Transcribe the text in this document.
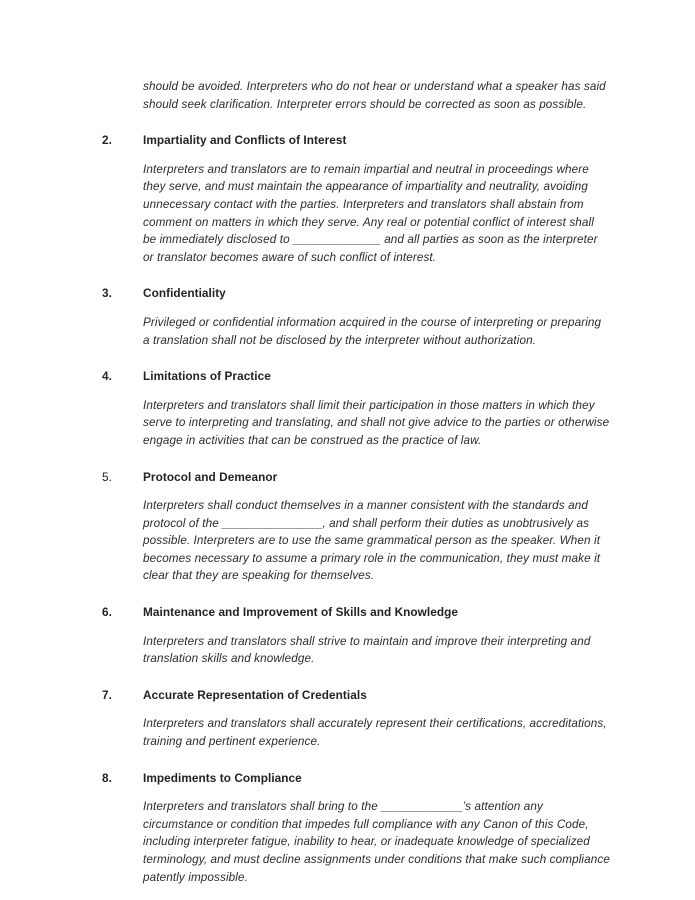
should be avoided. Interpreters who do not hear or understand what a speaker has said should seek clarification. Interpreter errors should be corrected as soon as possible.

2.	Impartiality and Conflicts of Interest

Interpreters and translators are to remain impartial and neutral in proceedings where they serve, and must maintain the appearance of impartiality and neutrality, avoiding unnecessary contact with the parties. Interpreters and translators shall abstain from comment on matters in which they serve. Any real or potential conflict of interest shall be immediately disclosed to ______________ and all parties as soon as the interpreter or translator becomes aware of such conflict of interest.

3.	Confidentiality

Privileged or confidential information acquired in the course of interpreting or preparing a translation shall not be disclosed by the interpreter without authorization.

4.	Limitations of Practice

Interpreters and translators shall limit their participation in those matters in which they serve to interpreting and translating, and shall not give advice to the parties or otherwise engage in activities that can be construed as the practice of law.

5.	Protocol and Demeanor

Interpreters shall conduct themselves in a manner consistent with the standards and protocol of the ________________, and shall perform their duties as unobtrusively as possible. Interpreters are to use the same grammatical person as the speaker. When it becomes necessary to assume a primary role in the communication, they must make it clear that they are speaking for themselves.

6.	Maintenance and Improvement of Skills and Knowledge

Interpreters and translators shall strive to maintain and improve their interpreting and translation skills and knowledge.

7.	Accurate Representation of Credentials

Interpreters and translators shall accurately represent their certifications, accreditations, training and pertinent experience.

8.	Impediments to Compliance

Interpreters and translators shall bring to the _____________’s attention any circumstance or condition that impedes full compliance with any Canon of this Code, including interpreter fatigue, inability to hear, or inadequate knowledge of specialized terminology, and must decline assignments under conditions that make such compliance patently impossible.
